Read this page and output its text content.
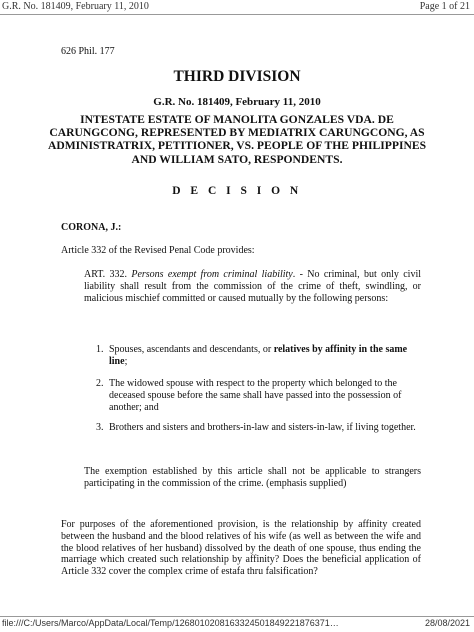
G.R. No. 181409, February 11, 2010	Page 1 of 21
626 Phil. 177
THIRD DIVISION
G.R. No. 181409, February 11, 2010
INTESTATE ESTATE OF MANOLITA GONZALES VDA. DE CARUNGCONG, REPRESENTED BY MEDIATRIX CARUNGCONG, AS ADMINISTRATRIX, PETITIONER, VS. PEOPLE OF THE PHILIPPINES AND WILLIAM SATO, RESPONDENTS.
D E C I S I O N
CORONA, J.:
Article 332 of the Revised Penal Code provides:
ART. 332. Persons exempt from criminal liability. - No criminal, but only civil liability shall result from the commission of the crime of theft, swindling, or malicious mischief committed or caused mutually by the following persons:
1. Spouses, ascendants and descendants, or relatives by affinity in the same line;
2. The widowed spouse with respect to the property which belonged to the deceased spouse before the same shall have passed into the possession of another; and
3. Brothers and sisters and brothers-in-law and sisters-in-law, if living together.
The exemption established by this article shall not be applicable to strangers participating in the commission of the crime. (emphasis supplied)
For purposes of the aforementioned provision, is the relationship by affinity created between the husband and the blood relatives of his wife (as well as between the wife and the blood relatives of her husband) dissolved by the death of one spouse, thus ending the marriage which created such relationship by affinity? Does the beneficial application of Article 332 cover the complex crime of estafa thru falsification?
file:///C:/Users/Marco/AppData/Local/Temp/1268010208163324501849221876371…	28/08/2021
